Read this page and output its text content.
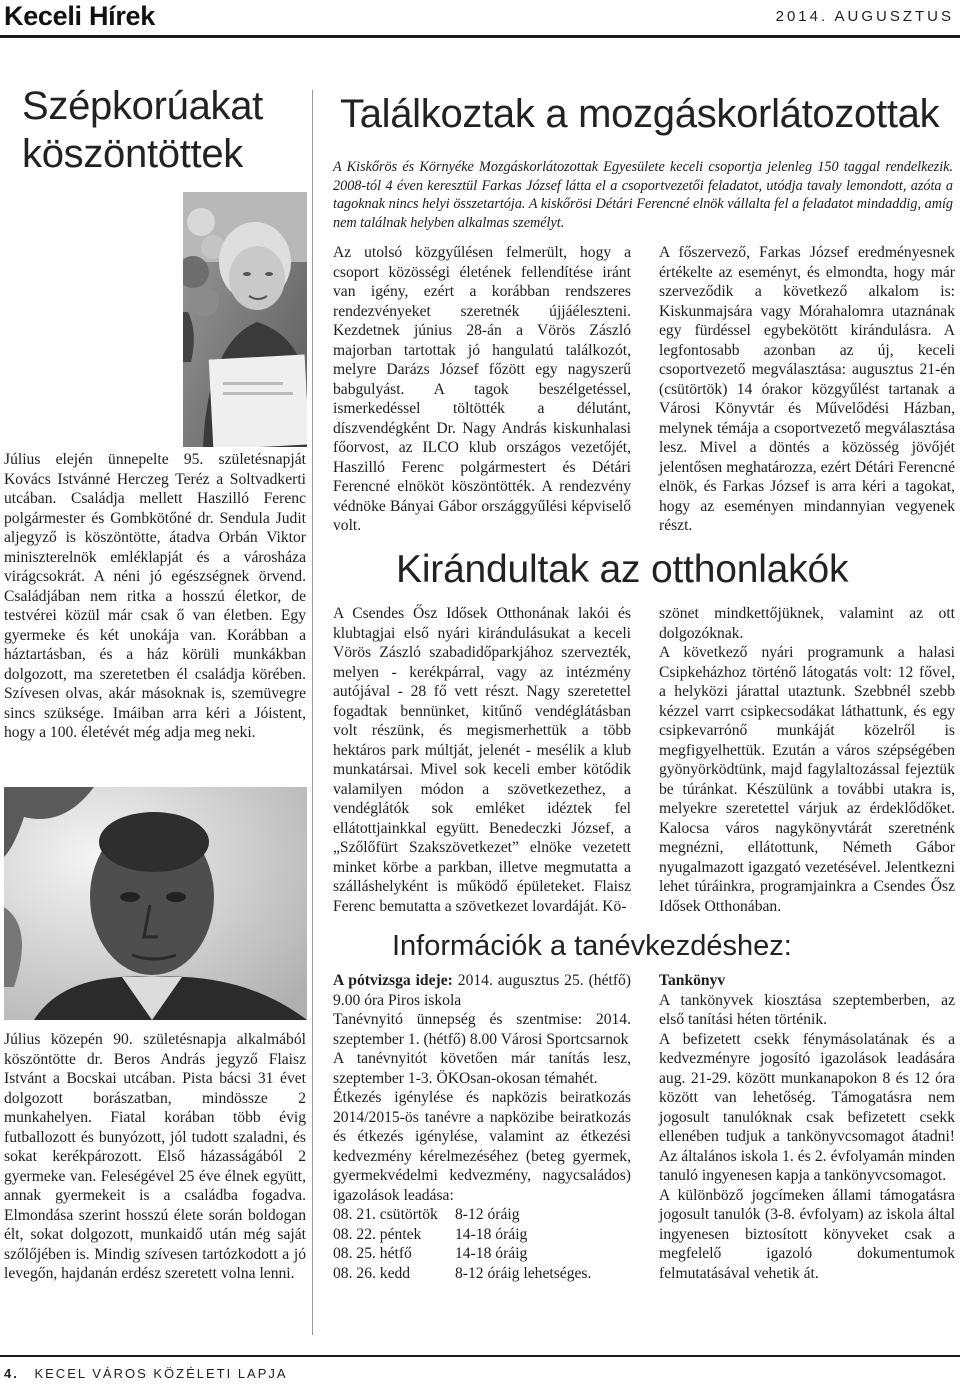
Keceli Hírek	2014. AUGUSZTUS
Szépkorúakat köszöntöttek
Július elején ünnepelte 95. születésnapját Kovács Istvánné Herczeg Teréz a Soltvadkerti utcában. Családja mellett Haszilló Ferenc polgármester és Gombkötőné dr. Sendula Judit aljegyző is köszöntötte, átadva Orbán Viktor miniszterelnök emléklapját és a városháza virágcsokrát. A néni jó egészségnek örvend. Családjában nem ritka a hosszú életkor, de testvérei közül már csak ő van életben. Egy gyermeke és két unokája van. Korábban a háztartásban, és a ház körüli munkákban dolgozott, ma szeretetben él családja körében. Szívesen olvas, akár másoknak is, szemüvegre sincs szüksége. Imáiban arra kéri a Jóistent, hogy a 100. életévét még adja meg neki.
Július közepén 90. születésnapja alkalmából köszöntötte dr. Beros András jegyző Flaisz Istvánt a Bocskai utcában. Pista bácsi 31 évet dolgozott borászatban, mindössze 2 munkahelyen. Fiatal korában több évig futballozott és bunyózott, jól tudott szaladni, és sokat kerékpározott. Első házasságából 2 gyermeke van. Feleségével 25 éve élnek együtt, annak gyermekeit is a családba fogadva. Elmondása szerint hosszú élete során boldogan élt, sokat dolgozott, munkaidő után még saját szőlőjében is. Mindig szívesen tartózkodott a jó levegőn, hajdanán erdész szeretett volna lenni.
Találkoztak a mozgáskorlátozottak
A Kiskőrös és Környéke Mozgáskorlátozottak Egyesülete keceli csoportja jelenleg 150 taggal rendelkezik. 2008-tól 4 éven keresztül Farkas József látta el a csoportvezetői feladatot, utódja tavaly lemondott, azóta a tagoknak nincs helyi összetartója. A kiskőrösi Détári Ferencné elnök vállalta fel a feladatot mindaddig, amíg nem találnak helyben alkalmas személyt.
Az utolsó közgyűlésen felmerült, hogy a csoport közösségi életének fellendítése iránt van igény, ezért a korábban rendszeres rendezvényeket szeretnék újjáéleszteni. Kezdetnek június 28-án a Vörös Zászló majorban tartottak jó hangulatú találkozót, melyre Darázs József főzött egy nagyszerű babgulyást. A tagok beszélgetéssel, ismerkedéssel töltötték a délutánt, díszvendégként Dr. Nagy András kiskunhalasi főorvost, az ILCO klub országos vezetőjét, Haszilló Ferenc polgármestert és Détári Ferencné elnököt köszöntötték. A rendezvény védnöke Bányai Gábor országgyűlési képviselő volt.
A főszervező, Farkas József eredményesnek értékelte az eseményt, és elmondta, hogy már szerveződik a következő alkalom is: Kiskunmajsára vagy Mórahalomra utaznának egy fürdéssel egybekötött kirándulásra. A legfontosabb azonban az új, keceli csoportvezető megválasztása: augusztus 21-én (csütörtök) 14 órakor közgyűlést tartanak a Városi Könyvtár és Művelődési Házban, melynek témája a csoportvezető megválasztása lesz. Mivel a döntés a közösség jövőjét jelentősen meghatározza, ezért Détári Ferencné elnök, és Farkas József is arra kéri a tagokat, hogy az eseményen mindannyian vegyenek részt.
Kirándultak az otthonlakók
A Csendes Ősz Idősek Otthonának lakói és klubtagjai első nyári kirándulásukat a keceli Vörös Zászló szabadidőparkjához szervezték, melyen - kerékpárral, vagy az intézmény autójával - 28 fő vett részt. Nagy szeretettel fogadtak bennünket, kitűnő vendéglátásban volt részünk, és megismerhettük a több hektáros park múltját, jelenét - mesélik a klub munkatársai. Mivel sok keceli ember kötődik valamilyen módon a szövetkezethez, a vendéglátók sok emléket idéztek fel ellátottjainkkal együtt. Benedeczki József, a „Szőlőfürt Szakszövetkezet” elnöke vezetett minket körbe a parkban, illetve megmutatta a szálláshelyként is működő épületeket. Flaisz Ferenc bemutatta a szövetkezet lovardáját. Kö-
szönet mindkettőjüknek, valamint az ott dolgozóknak.
A következő nyári programunk a halasi Csipkeházhoz történő látogatás volt: 12 fővel, a helyközi járattal utaztunk. Szebbnél szebb kézzel varrt csipkecsodákat láthattunk, és egy csipkevarrónő munkáját közelről is megfigyelhettük. Ezután a város szépségében gyönyörködtünk, majd fagylaltozással fejeztük be túránkat. Készülünk a további utakra is, melyekre szeretettel várjuk az érdeklődőket. Kalocsa város nagykönyvtárát szeretnénk megnézni, ellátottunk, Németh Gábor nyugalmazott igazgató vezetésével. Jelentkezni lehet túráinkra, programjainkra a Csendes Ősz Idősek Otthonában.
Információk a tanévkezdéshez:
A pótvizsga ideje: 2014. augusztus 25. (hétfő) 9.00 óra Piros iskola
Tanévnyitó ünnepség és szentmise: 2014. szeptember 1. (hétfő) 8.00 Városi Sportcsarnok
A tanévnyitót követően már tanítás lesz, szeptember 1-3. ÖKOsan-okosan témahét.
Étkezés igénylése és napközis beiratkozás 2014/2015-ös tanévre a napközibe beiratkozás és étkezés igénylése, valamint az étkezési kedvezmény kérelmezéséhez (beteg gyermek, gyermekvédelmi kedvezmény, nagycsaládos) igazolások leadása:
08. 21. csütörtök	8-12 óráig
08. 22. péntek	14-18 óráig
08. 25. hétfő	14-18 óráig
08. 26. kedd	8-12 óráig lehetséges.
Tankönyv
A tankönyvek kiosztása szeptemberben, az első tanítási héten történik.
A befizetett csekk fénymásolatának és a kedvezményre jogosító igazolások leadására aug. 21-29. között munkanapokon 8 és 12 óra között van lehetőség. Támogatásra nem jogosult tanulóknak csak befizetett csekk ellenében tudjuk a tankönyvcsomagot átadni! Az általános iskola 1. és 2. évfolyamán minden tanuló ingyenesen kapja a tankönyvcsomagot.
A különböző jogcímeken állami támogatásra jogosult tanulók (3-8. évfolyam) az iskola által ingyenesen biztosított könyveket csak a megfelelő igazoló dokumentumok felmutatásával vehetik át.
4. KECEL VÁROS KÖZÉLETI LAPJA
